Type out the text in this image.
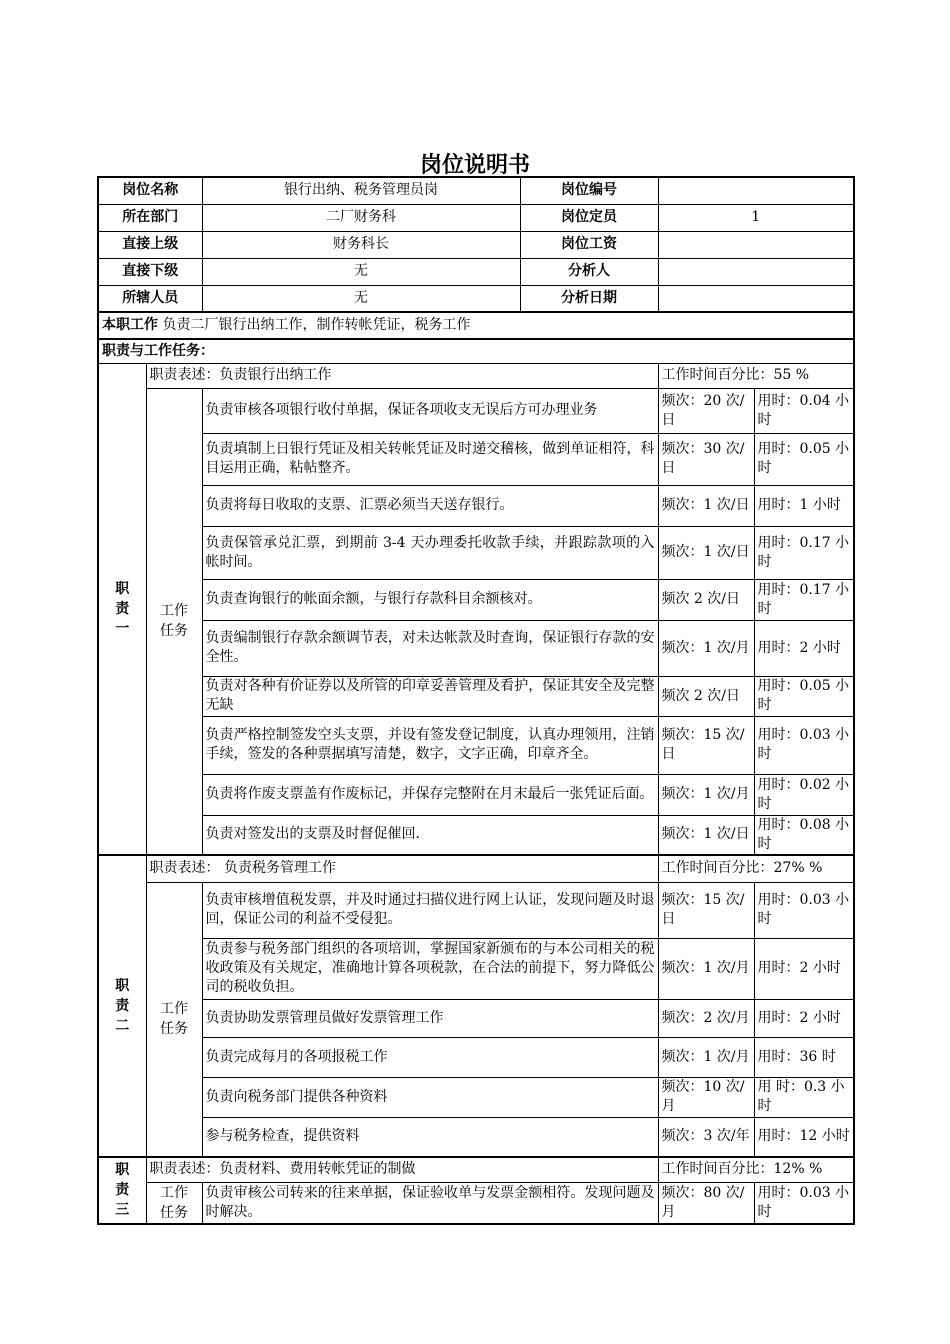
岗位说明书
岗位名称		银行出纳、税务管理员岗	岗位编号		
所在部门		二厂财务科	岗位定员	1	
直接上级		财务科长	岗位工资		
直接下级		无	分析人		
所辖人员		无	分析日期		
本职工作 负责二厂银行出纳工作，制作转帐凭证，税务工作					
职责与工作任务：					
职责一	职责表述：负责银行出纳工作			工作时间百分比：55 %	
	工作任务	负责审核各项银行收付单据，保证各项收支无误后方可办理业务		频次：20 次/日	用时：0.04 小时
		负责填制上日银行凭证及相关转帐凭证及时递交稽核，做到单证相符，科目运用正确，粘帖整齐。		频次：30 次/日	用时：0.05 小时
		负责将每日收取的支票、汇票必须当天送存银行。		频次：1 次/日	用时：1 小时
		负责保管承兑汇票，到期前 3-4 天办理委托收款手续，并跟踪款项的入帐时间。		频次：1 次/日	用时：0.17 小时
		负责查询银行的帐面余额，与银行存款科目余额核对。		频次 2 次/日	用时：0.17 小时
		负责编制银行存款余额调节表，对未达帐款及时查询，保证银行存款的安全性。		频次：1 次/月	用时：2 小时
		负责对各种有价证券以及所管的印章妥善管理及看护，保证其安全及完整无缺		频次 2 次/日	用时：0.05 小时
		负责严格控制签发空头支票，并设有签发登记制度，认真办理领用，注销手续，签发的各种票据填写清楚，数字，文字正确，印章齐全。		频次：15 次/日	用时：0.03 小时
		负责将作废支票盖有作废标记，并保存完整附在月末最后一张凭证后面。		频次：1 次/月	用时：0.02 小时
		负责对签发出的支票及时督促催回.		频次：1 次/日	用时：0.08 小时
职责二	职责表述： 负责税务管理工作			工作时间百分比：27% %	
	工作任务	负责审核增值税发票，并及时通过扫描仪进行网上认证，发现问题及时退回，保证公司的利益不受侵犯。		频次：15 次/日	用时：0.03 小时
		负责参与税务部门组织的各项培训，掌握国家新颁布的与本公司相关的税收政策及有关规定，准确地计算各项税款，在合法的前提下，努力降低公司的税收负担。		频次：1 次/月	用时：2 小时
		负责协助发票管理员做好发票管理工作		频次：2 次/月	用时：2 小时
		负责完成每月的各项报税工作		频次：1 次/月	用时：36 时
		负责向税务部门提供各种资料		频次：10 次/ 月	用 时：0.3 小时
		参与税务检查，提供资料		频次：3 次/年	用时：12 小时
职责三	职责表述：负责材料、费用转帐凭证的制做			工作时间百分比：12% %	
	工作任务	负责审核公司转来的往来单据，保证验收单与发票金额相符。发现问题及时解决。		频次：80 次/ 月	用时：0.03 小时
